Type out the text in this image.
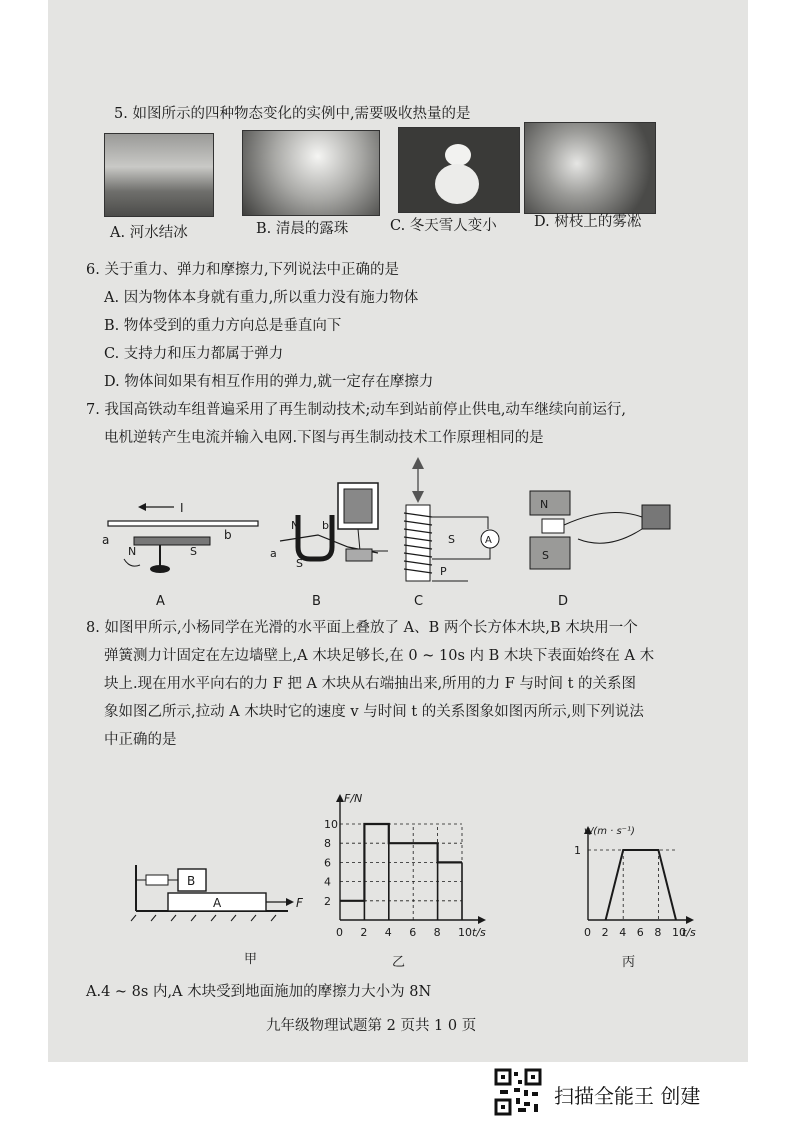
5. 如图所示的四种物态变化的实例中,需要吸收热量的是
A. 河水结冰	B. 清晨的露珠	C. 冬天雪人变小	D. 树枝上的雾凇
6. 关于重力、弹力和摩擦力,下列说法中正确的是
A. 因为物体本身就有重力,所以重力没有施力物体
B. 物体受到的重力方向总是垂直向下
C. 支持力和压力都属于弹力
D. 物体间如果有相互作用的弹力,就一定存在摩擦力
7. 我国高铁动车组普遍采用了再生制动技术;动车到站前停止供电,动车继续向前运行,
电机逆转产生电流并输入电网.下图与再生制动技术工作原理相同的是
I
a	b
N	S
A
N b
a
S
B
S	A
P
C
N
S
D
8. 如图甲所示,小杨同学在光滑的水平面上叠放了 A、B 两个长方体木块,B 木块用一个
弹簧测力计固定在左边墙壁上,A 木块足够长,在 0 ~ 10s 内 B 木块下表面始终在 A 木
块上.现在用水平向右的力 F 把 A 木块从右端抽出来,所用的力 F 与时间 t 的关系图
象如图乙所示,拉动 A 木块时它的速度 v 与时间 t 的关系图象如图丙所示,则下列说法
中正确的是
A
B
F
甲
F/N
t/s
0 2 4 6 8 10
2
4
6
8
10
乙
v/(m · s⁻¹)
t/s
0 2 4 6 8 10
1
丙
A.4 ~ 8s 内,A 木块受到地面施加的摩擦力大小为 8N
九年级物理试题第 2 页共 1 0 页
扫描全能王 创建
